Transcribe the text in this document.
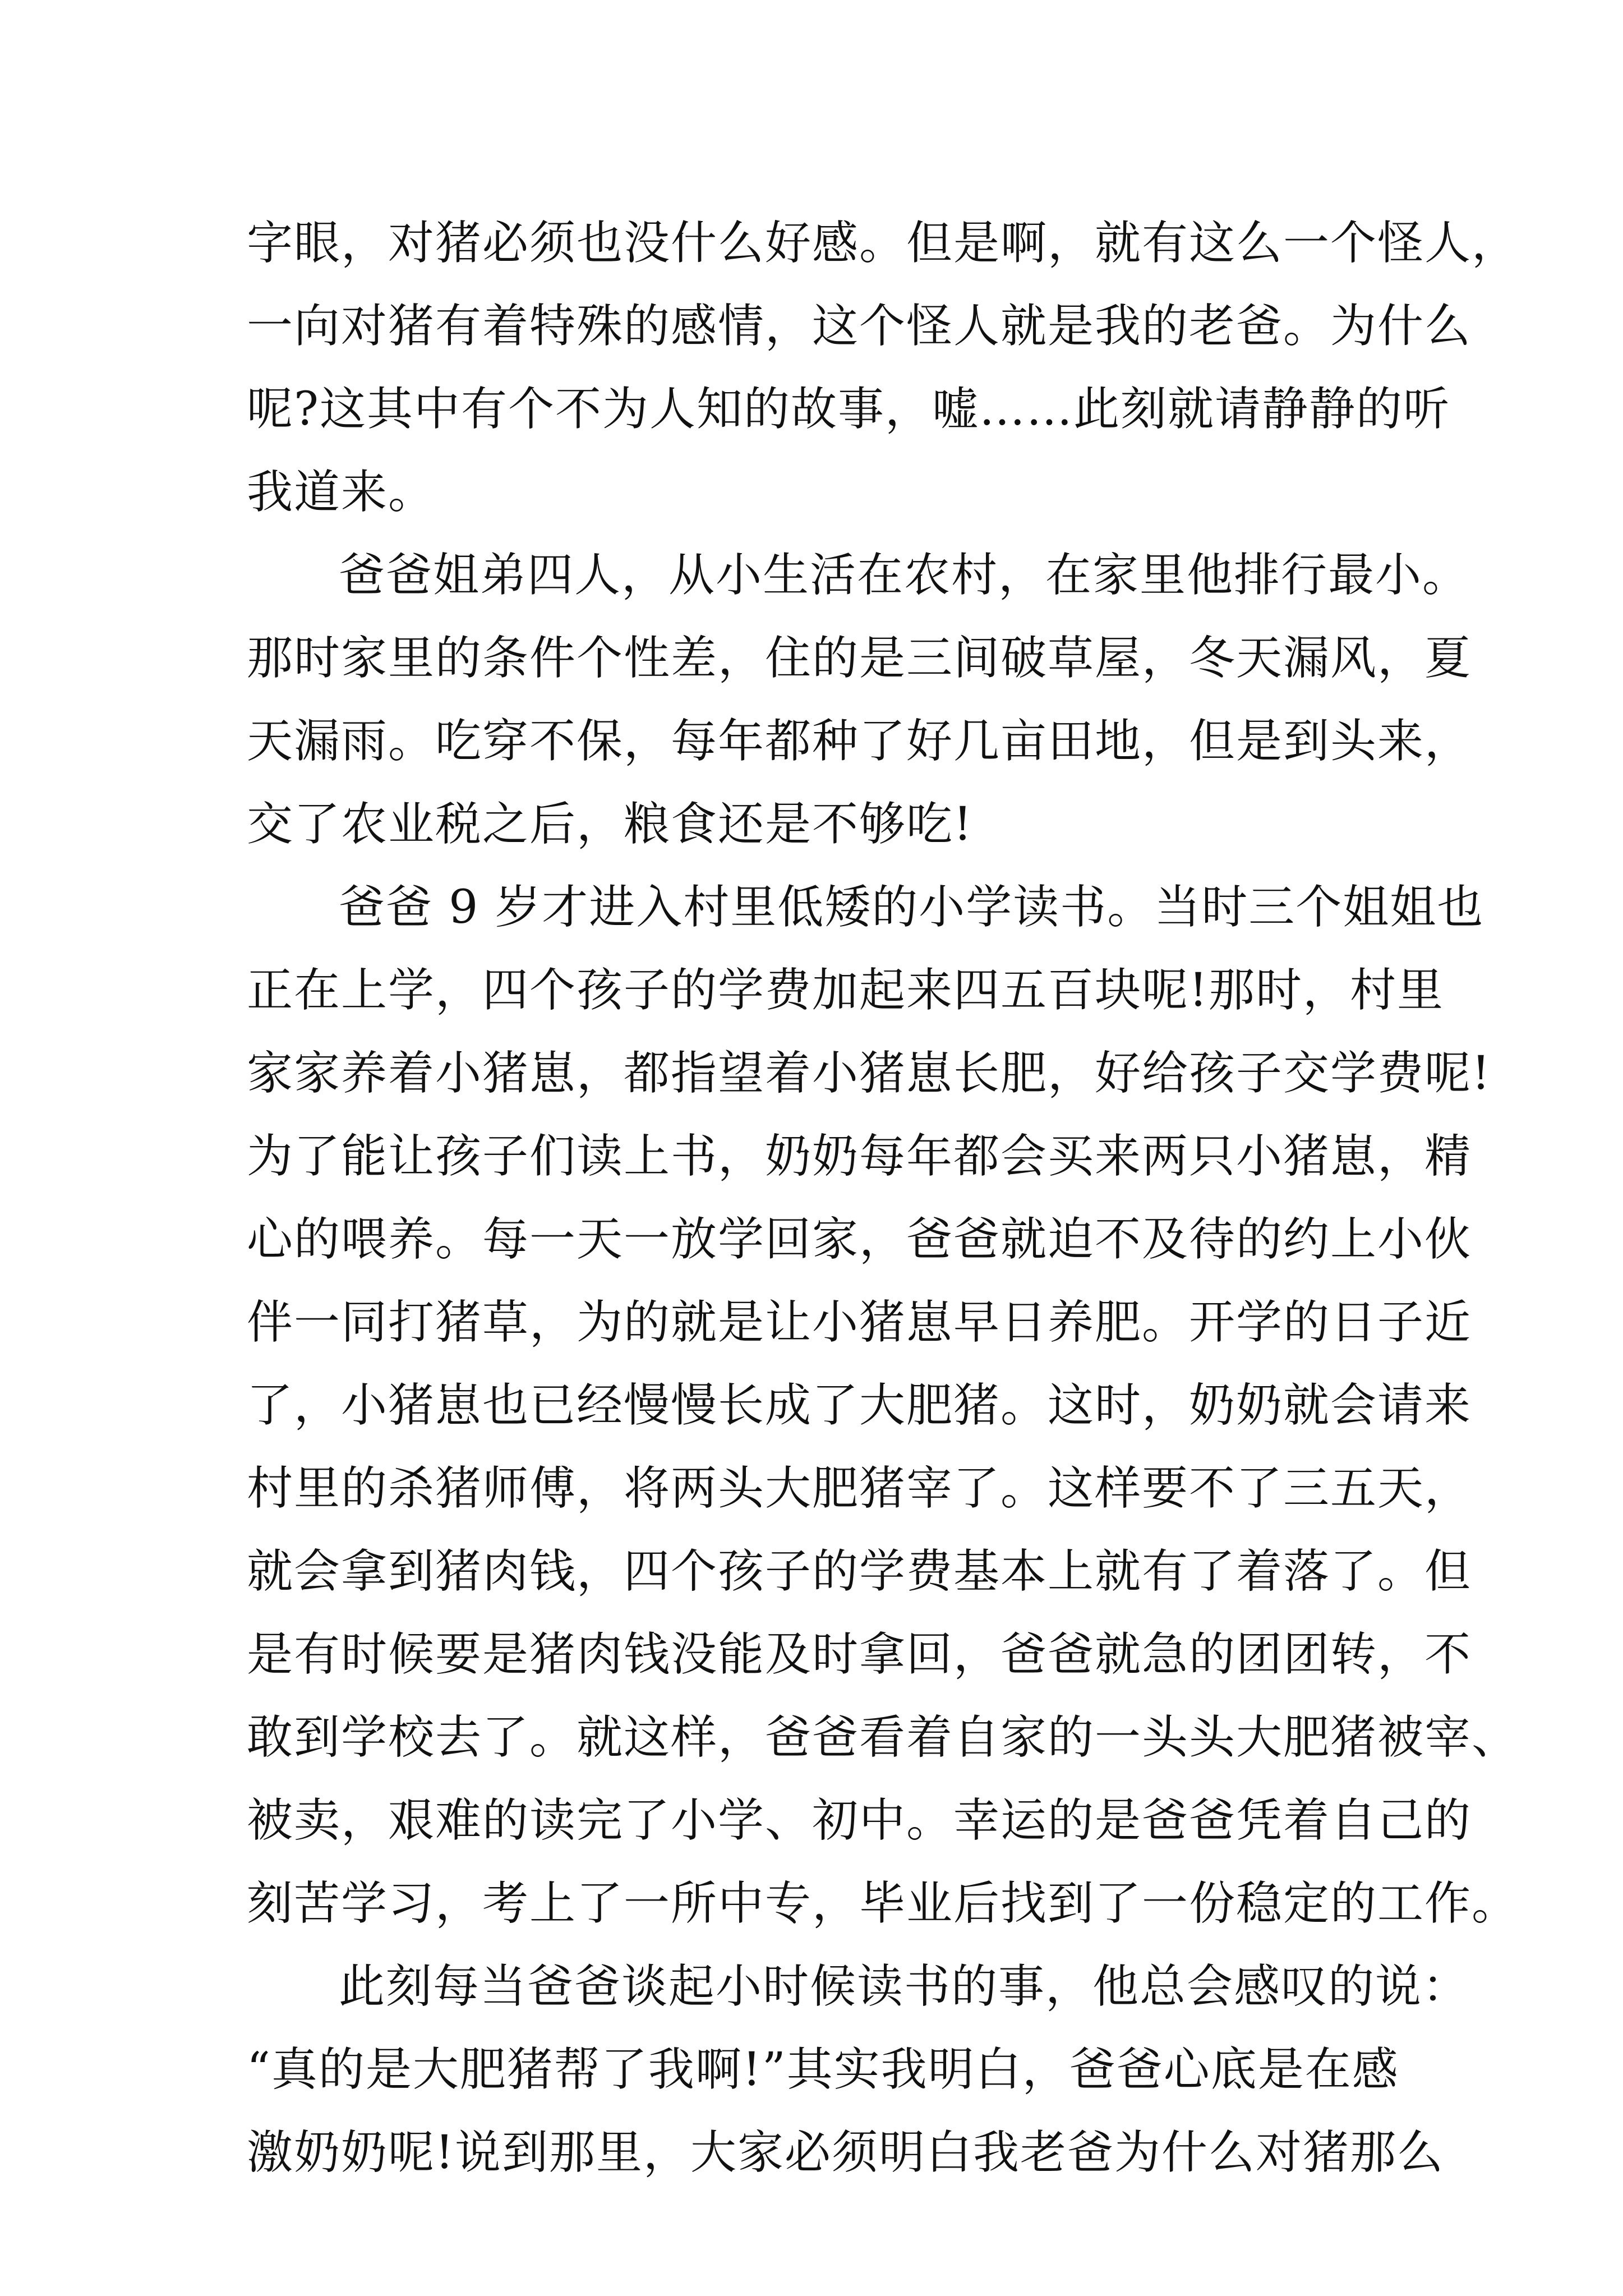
字眼，对猪必须也没什么好感。但是啊，就有这么一个怪人，
一向对猪有着特殊的感情，这个怪人就是我的老爸。为什么
呢?这其中有个不为人知的故事，嘘……此刻就请静静的听
我道来。
爸爸姐弟四人，从小生活在农村，在家里他排行最小。
那时家里的条件个性差，住的是三间破草屋，冬天漏风，夏
天漏雨。吃穿不保，每年都种了好几亩田地，但是到头来，
交了农业税之后，粮食还是不够吃!
爸爸 9 岁才进入村里低矮的小学读书。当时三个姐姐也
正在上学，四个孩子的学费加起来四五百块呢!那时，村里
家家养着小猪崽，都指望着小猪崽长肥，好给孩子交学费呢!
为了能让孩子们读上书，奶奶每年都会买来两只小猪崽，精
心的喂养。每一天一放学回家，爸爸就迫不及待的约上小伙
伴一同打猪草，为的就是让小猪崽早日养肥。开学的日子近
了，小猪崽也已经慢慢长成了大肥猪。这时，奶奶就会请来
村里的杀猪师傅，将两头大肥猪宰了。这样要不了三五天，
就会拿到猪肉钱，四个孩子的学费基本上就有了着落了。但
是有时候要是猪肉钱没能及时拿回，爸爸就急的团团转，不
敢到学校去了。就这样，爸爸看着自家的一头头大肥猪被宰、
被卖，艰难的读完了小学、初中。幸运的是爸爸凭着自己的
刻苦学习，考上了一所中专，毕业后找到了一份稳定的工作。
此刻每当爸爸谈起小时候读书的事，他总会感叹的说：
“真的是大肥猪帮了我啊!”其实我明白，爸爸心底是在感
激奶奶呢!说到那里，大家必须明白我老爸为什么对猪那么
